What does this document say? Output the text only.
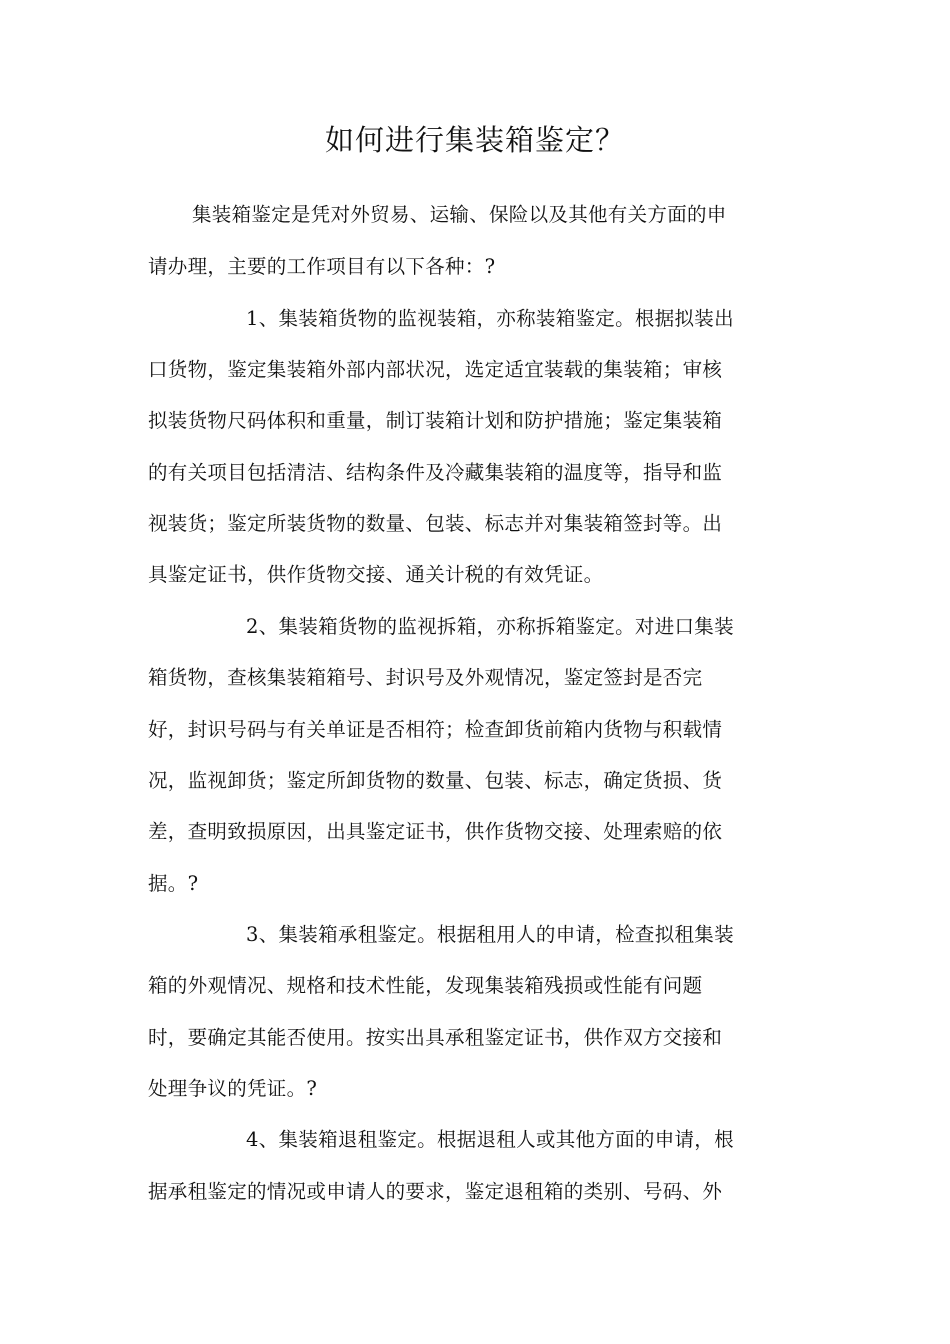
如何进行集装箱鉴定？
集装箱鉴定是凭对外贸易、运输、保险以及其他有关方面的申
请办理，主要的工作项目有以下各种：?
1、集装箱货物的监视装箱，亦称装箱鉴定。根据拟装出
口货物，鉴定集装箱外部内部状况，选定适宜装载的集装箱；审核
拟装货物尺码体积和重量，制订装箱计划和防护措施；鉴定集装箱
的有关项目包括清洁、结构条件及冷藏集装箱的温度等，指导和监
视装货；鉴定所装货物的数量、包装、标志并对集装箱签封等。出
具鉴定证书，供作货物交接、通关计税的有效凭证。
2、集装箱货物的监视拆箱，亦称拆箱鉴定。对进口集装
箱货物，查核集装箱箱号、封识号及外观情况，鉴定签封是否完
好，封识号码与有关单证是否相符；检查卸货前箱内货物与积载情
况，监视卸货；鉴定所卸货物的数量、包装、标志，确定货损、货
差，查明致损原因，出具鉴定证书，供作货物交接、处理索赔的依
据。?
3、集装箱承租鉴定。根据租用人的申请，检查拟租集装
箱的外观情况、规格和技术性能，发现集装箱残损或性能有问题
时，要确定其能否使用。按实出具承租鉴定证书，供作双方交接和
处理争议的凭证。?
4、集装箱退租鉴定。根据退租人或其他方面的申请，根
据承租鉴定的情况或申请人的要求，鉴定退租箱的类别、号码、外
